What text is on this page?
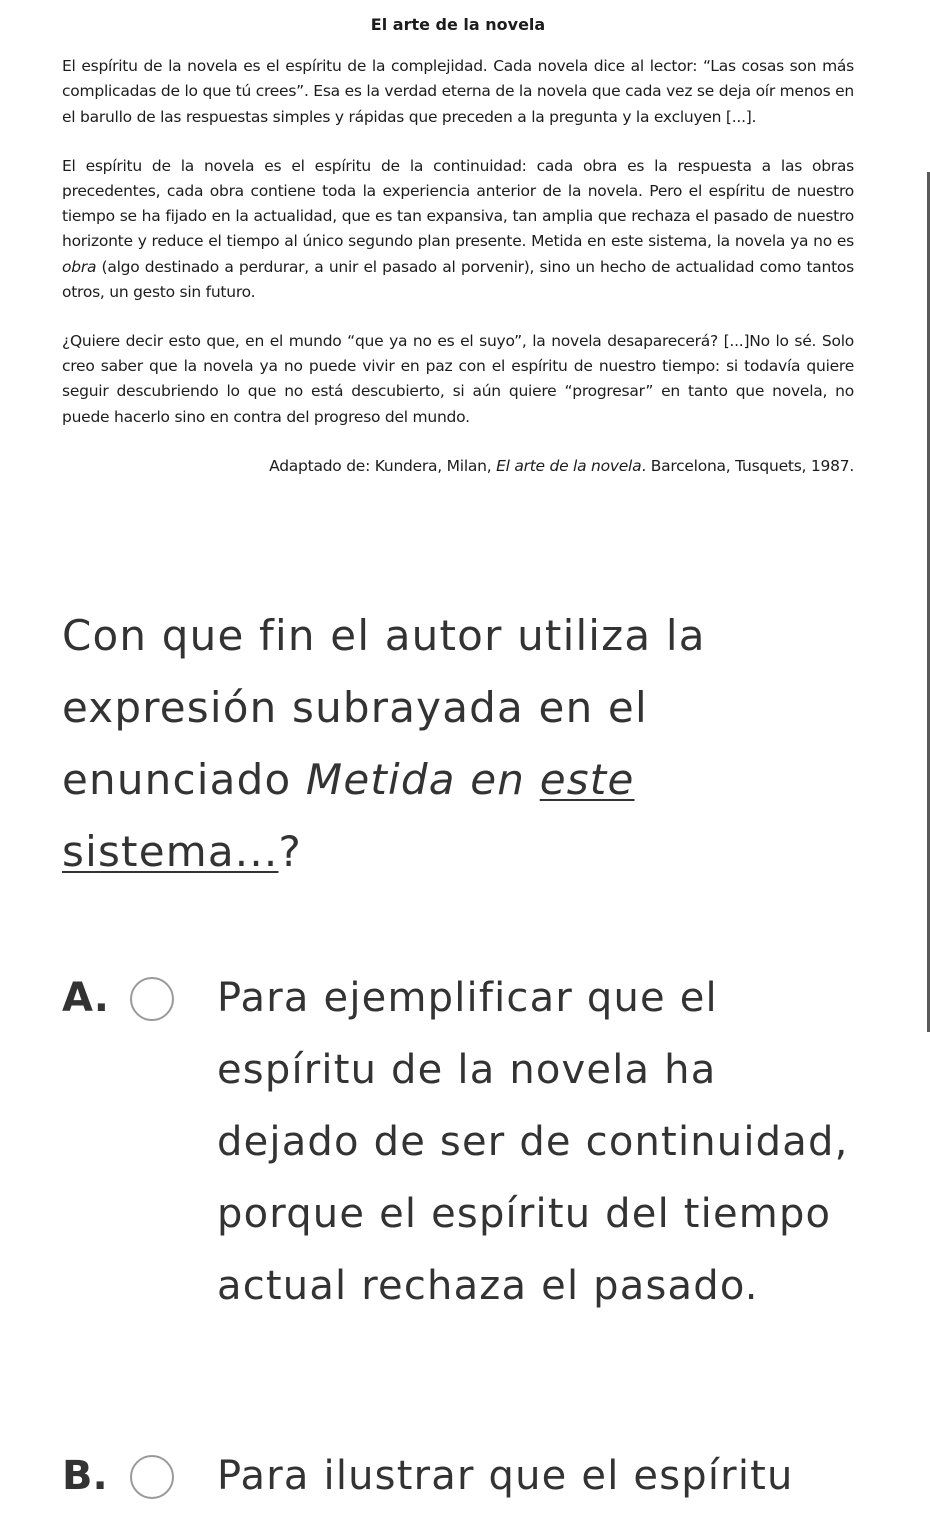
El arte de la novela

El espíritu de la novela es el espíritu de la complejidad. Cada novela dice al lector: “Las cosas son más complicadas de lo que tú crees”. Esa es la verdad eterna de la novela que cada vez se deja oír menos en el barullo de las respuestas simples y rápidas que preceden a la pregunta y la excluyen [...].

El espíritu de la novela es el espíritu de la continuidad: cada obra es la respuesta a las obras precedentes, cada obra contiene toda la experiencia anterior de la novela. Pero el espíritu de nuestro tiempo se ha fijado en la actualidad, que es tan expansiva, tan amplia que rechaza el pasado de nuestro horizonte y reduce el tiempo al único segundo plan presente. Metida en este sistema, la novela ya no es obra (algo destinado a perdurar, a unir el pasado al porvenir), sino un hecho de actualidad como tantos otros, un gesto sin futuro.

¿Quiere decir esto que, en el mundo “que ya no es el suyo”, la novela desaparecerá? [...]No lo sé. Solo creo saber que la novela ya no puede vivir en paz con el espíritu de nuestro tiempo: si todavía quiere seguir descubriendo lo que no está descubierto, si aún quiere “progresar” en tanto que novela, no puede hacerlo sino en contra del progreso del mundo.

Adaptado de: Kundera, Milan, El arte de la novela. Barcelona, Tusquets, 1987.
Con que fin el autor utiliza la expresión subrayada en el enunciado Metida en este sistema...?
A.	Para ejemplificar que el espíritu de la novela ha dejado de ser de continuidad, porque el espíritu del tiempo actual rechaza el pasado.
B.	Para ilustrar que el espíritu
